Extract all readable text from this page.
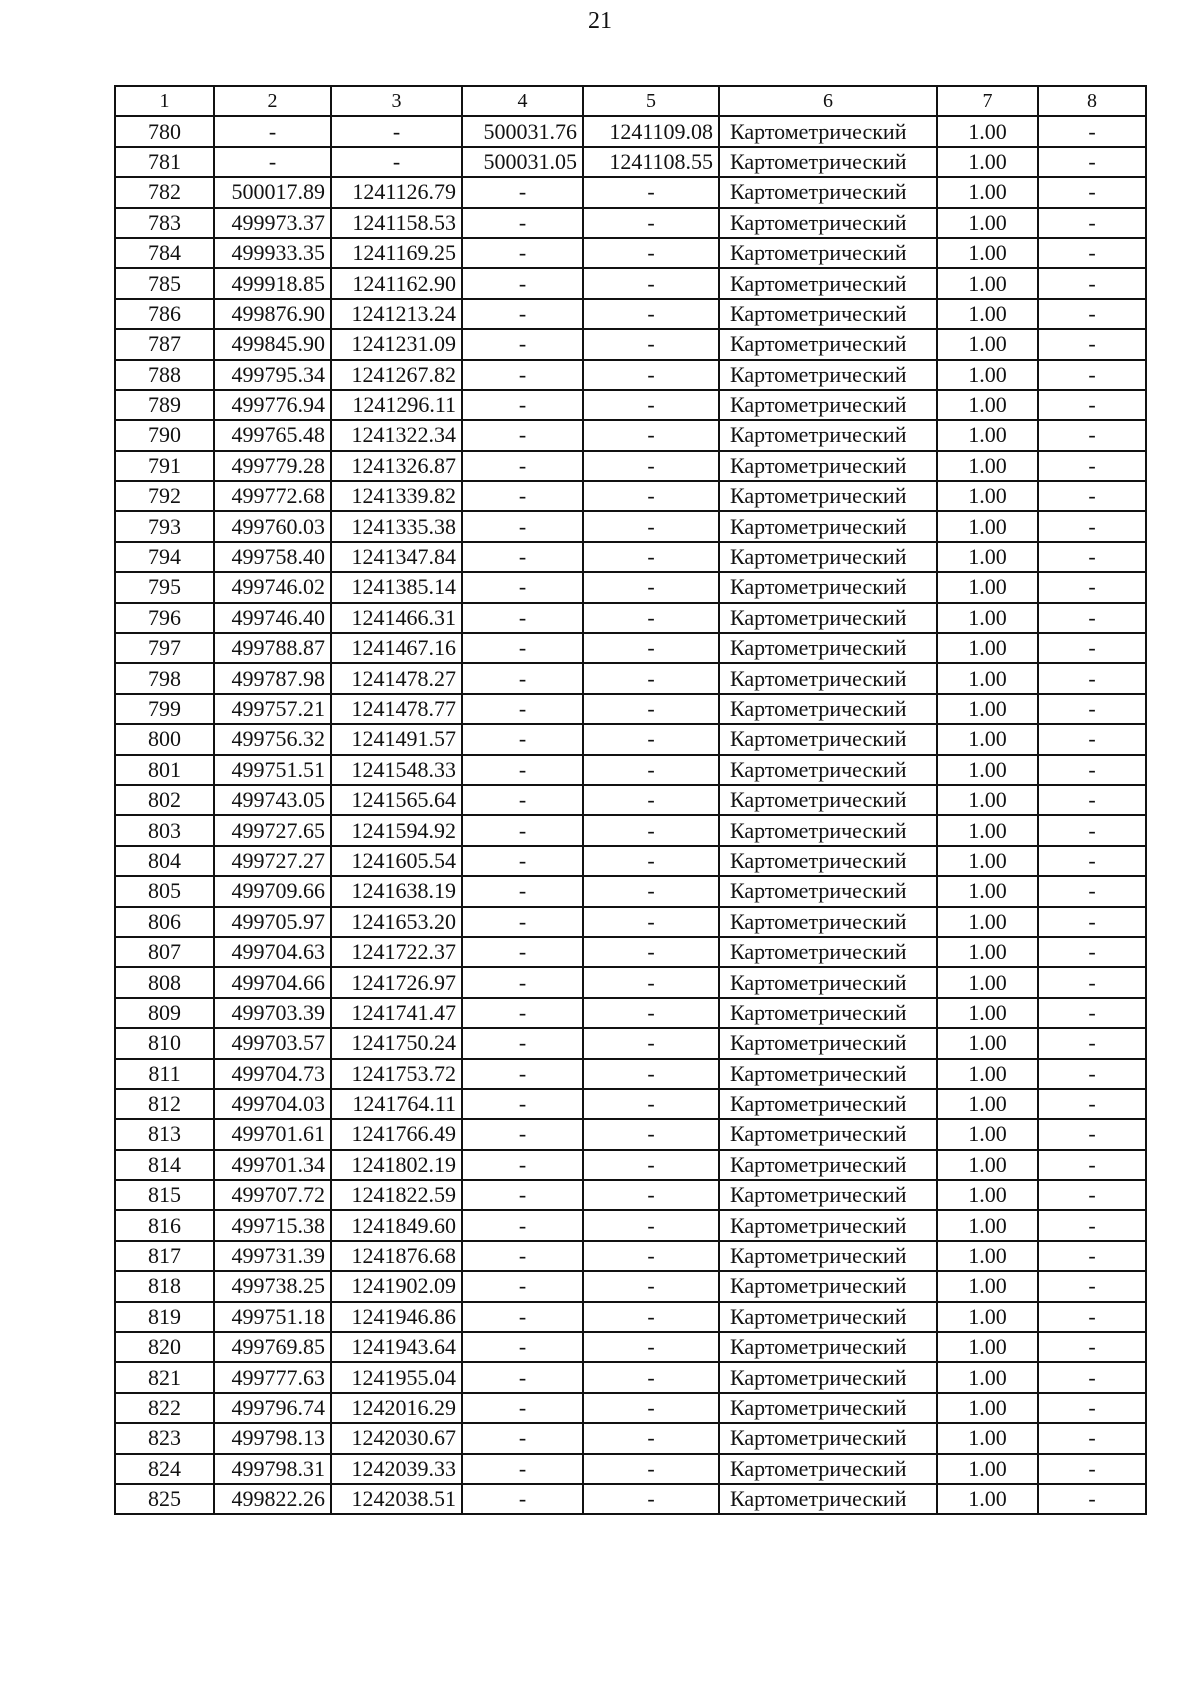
21
1	2	3	4	5	6	7	8
780	-	-	500031.76	1241109.08	Картометрический	1.00	-
781	-	-	500031.05	1241108.55	Картометрический	1.00	-
782	500017.89	1241126.79	-	-	Картометрический	1.00	-
783	499973.37	1241158.53	-	-	Картометрический	1.00	-
784	499933.35	1241169.25	-	-	Картометрический	1.00	-
785	499918.85	1241162.90	-	-	Картометрический	1.00	-
786	499876.90	1241213.24	-	-	Картометрический	1.00	-
787	499845.90	1241231.09	-	-	Картометрический	1.00	-
788	499795.34	1241267.82	-	-	Картометрический	1.00	-
789	499776.94	1241296.11	-	-	Картометрический	1.00	-
790	499765.48	1241322.34	-	-	Картометрический	1.00	-
791	499779.28	1241326.87	-	-	Картометрический	1.00	-
792	499772.68	1241339.82	-	-	Картометрический	1.00	-
793	499760.03	1241335.38	-	-	Картометрический	1.00	-
794	499758.40	1241347.84	-	-	Картометрический	1.00	-
795	499746.02	1241385.14	-	-	Картометрический	1.00	-
796	499746.40	1241466.31	-	-	Картометрический	1.00	-
797	499788.87	1241467.16	-	-	Картометрический	1.00	-
798	499787.98	1241478.27	-	-	Картометрический	1.00	-
799	499757.21	1241478.77	-	-	Картометрический	1.00	-
800	499756.32	1241491.57	-	-	Картометрический	1.00	-
801	499751.51	1241548.33	-	-	Картометрический	1.00	-
802	499743.05	1241565.64	-	-	Картометрический	1.00	-
803	499727.65	1241594.92	-	-	Картометрический	1.00	-
804	499727.27	1241605.54	-	-	Картометрический	1.00	-
805	499709.66	1241638.19	-	-	Картометрический	1.00	-
806	499705.97	1241653.20	-	-	Картометрический	1.00	-
807	499704.63	1241722.37	-	-	Картометрический	1.00	-
808	499704.66	1241726.97	-	-	Картометрический	1.00	-
809	499703.39	1241741.47	-	-	Картометрический	1.00	-
810	499703.57	1241750.24	-	-	Картометрический	1.00	-
811	499704.73	1241753.72	-	-	Картометрический	1.00	-
812	499704.03	1241764.11	-	-	Картометрический	1.00	-
813	499701.61	1241766.49	-	-	Картометрический	1.00	-
814	499701.34	1241802.19	-	-	Картометрический	1.00	-
815	499707.72	1241822.59	-	-	Картометрический	1.00	-
816	499715.38	1241849.60	-	-	Картометрический	1.00	-
817	499731.39	1241876.68	-	-	Картометрический	1.00	-
818	499738.25	1241902.09	-	-	Картометрический	1.00	-
819	499751.18	1241946.86	-	-	Картометрический	1.00	-
820	499769.85	1241943.64	-	-	Картометрический	1.00	-
821	499777.63	1241955.04	-	-	Картометрический	1.00	-
822	499796.74	1242016.29	-	-	Картометрический	1.00	-
823	499798.13	1242030.67	-	-	Картометрический	1.00	-
824	499798.31	1242039.33	-	-	Картометрический	1.00	-
825	499822.26	1242038.51	-	-	Картометрический	1.00	-
